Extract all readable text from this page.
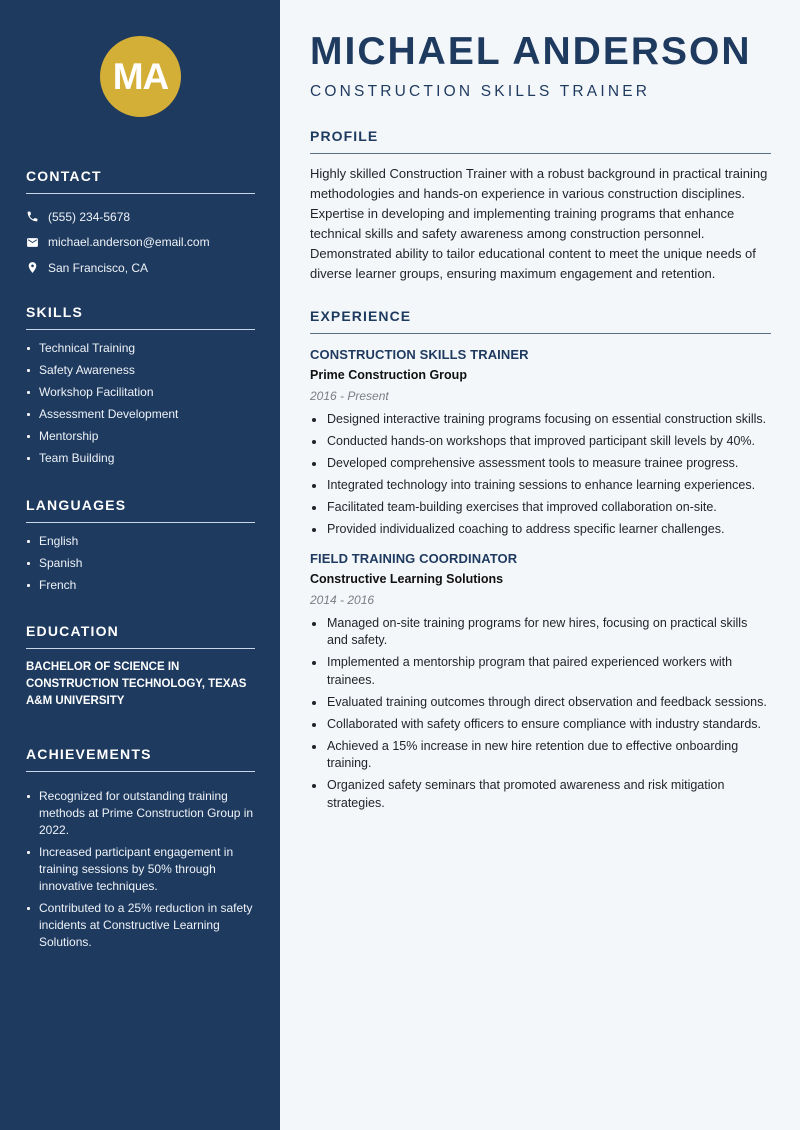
MA
CONTACT
(555) 234-5678
michael.anderson@email.com
San Francisco, CA
SKILLS
Technical Training
Safety Awareness
Workshop Facilitation
Assessment Development
Mentorship
Team Building
LANGUAGES
English
Spanish
French
EDUCATION
BACHELOR OF SCIENCE IN CONSTRUCTION TECHNOLOGY, TEXAS A&M UNIVERSITY
ACHIEVEMENTS
Recognized for outstanding training methods at Prime Construction Group in 2022.
Increased participant engagement in training sessions by 50% through innovative techniques.
Contributed to a 25% reduction in safety incidents at Constructive Learning Solutions.
MICHAEL ANDERSON
CONSTRUCTION SKILLS TRAINER
PROFILE

Highly skilled Construction Trainer with a robust background in practical training methodologies and hands-on experience in various construction disciplines. Expertise in developing and implementing training programs that enhance technical skills and safety awareness among construction personnel. Demonstrated ability to tailor educational content to meet the unique needs of diverse learner groups, ensuring maximum engagement and retention.

EXPERIENCE
CONSTRUCTION SKILLS TRAINER
Prime Construction Group
2016 - Present
Designed interactive training programs focusing on essential construction skills.
Conducted hands-on workshops that improved participant skill levels by 40%.
Developed comprehensive assessment tools to measure trainee progress.
Integrated technology into training sessions to enhance learning experiences.
Facilitated team-building exercises that improved collaboration on-site.
Provided individualized coaching to address specific learner challenges.
FIELD TRAINING COORDINATOR
Constructive Learning Solutions
2014 - 2016
Managed on-site training programs for new hires, focusing on practical skills and safety.
Implemented a mentorship program that paired experienced workers with trainees.
Evaluated training outcomes through direct observation and feedback sessions.
Collaborated with safety officers to ensure compliance with industry standards.
Achieved a 15% increase in new hire retention due to effective onboarding training.
Organized safety seminars that promoted awareness and risk mitigation strategies.
